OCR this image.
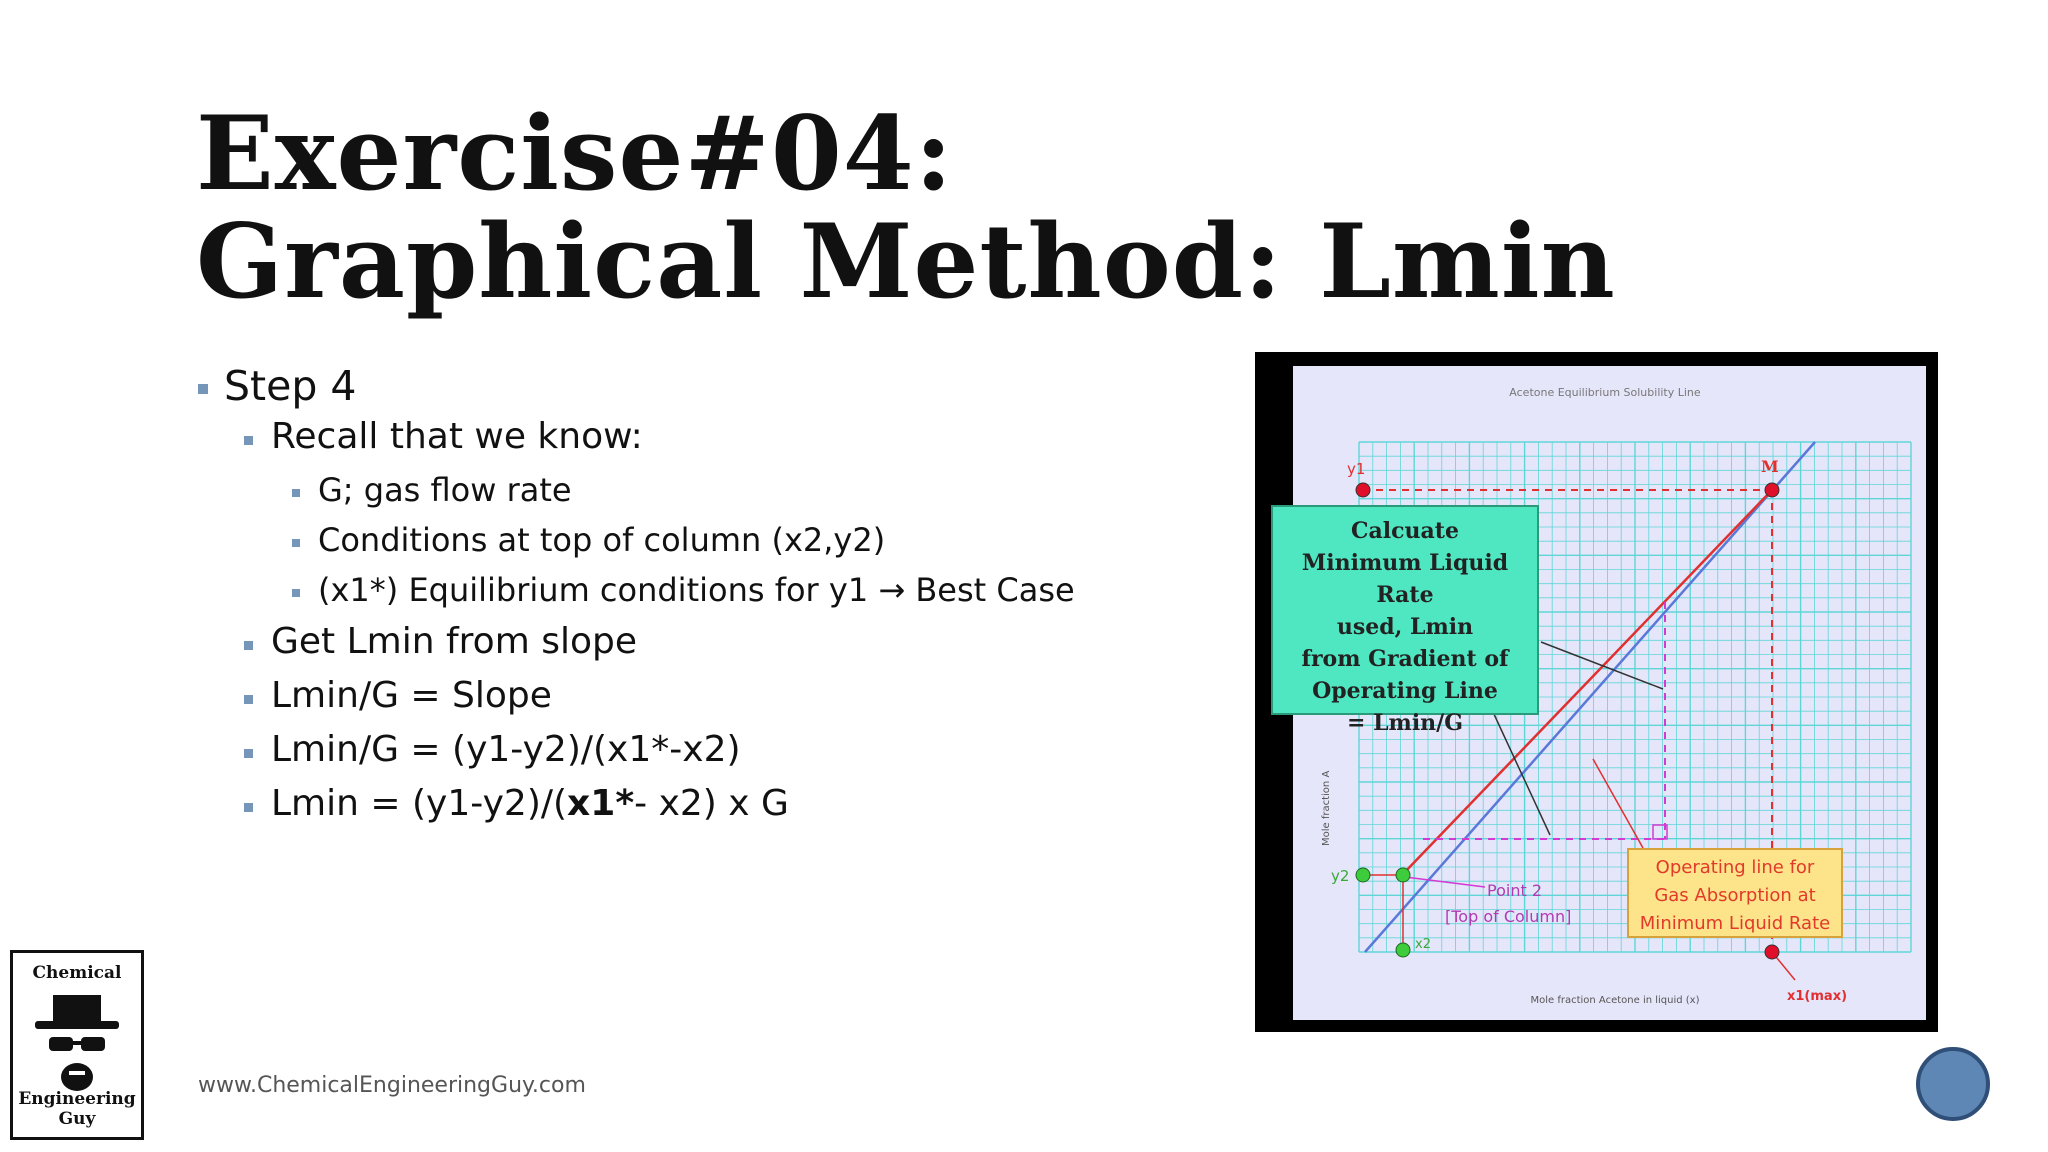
Exercise#04:
Graphical Method: Lmin
Step 4
Recall that we know:
G; gas flow rate
Conditions at top of column (x2,y2)
(x1*) Equilibrium conditions for y1 → Best Case
Get Lmin from slope
Lmin/G = Slope
Lmin/G = (y1-y2)/(x1*-x2)
Lmin = (y1-y2)/(x1*- x2) x G
Acetone Equilibrium Solubility Line
Mole fraction A
Mole fraction Acetone in liquid (x)
y1	M
y2
x2
Point 2
[Top of Column]
x1(max)
Calcuate
Minimum Liquid Rate
used, Lmin
from Gradient of
Operating Line
= Lmin/G
Operating line for
Gas Absorption at
Minimum Liquid Rate
www.ChemicalEngineeringGuy.com
Chemical
Engineering Guy
